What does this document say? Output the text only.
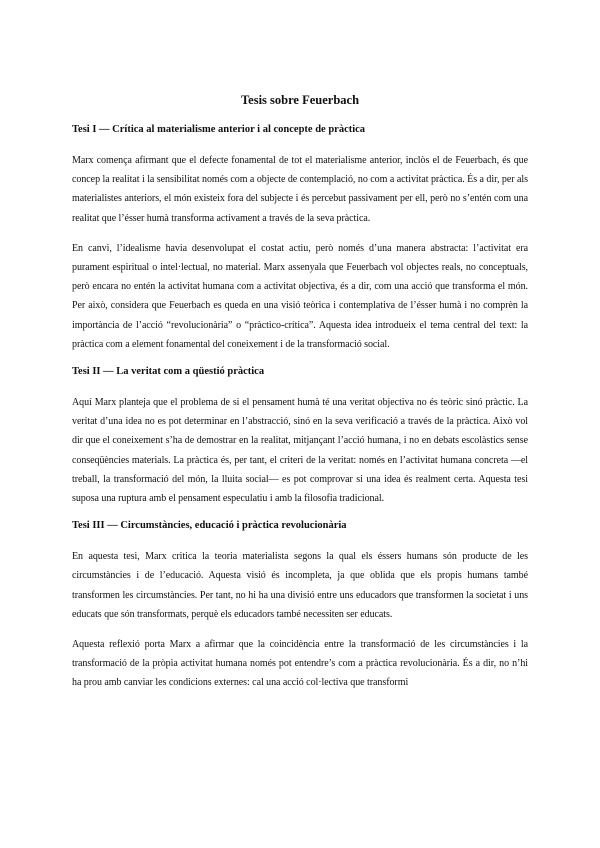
Tesis sobre Feuerbach
Tesi I — Crítica al materialisme anterior i al concepte de pràctica

Marx comença afirmant que el defecte fonamental de tot el materialisme anterior, inclòs el de Feuerbach, és que concep la realitat i la sensibilitat només com a objecte de contemplació, no com a activitat pràctica. És a dir, per als materialistes anteriors, el món existeix fora del subjecte i és percebut passivament per ell, però no s’entén com una realitat que l’ésser humà transforma activament a través de la seva pràctica.

En canvi, l’idealisme havia desenvolupat el costat actiu, però només d’una manera abstracta: l’activitat era purament espiritual o intel·lectual, no material. Marx assenyala que Feuerbach vol objectes reals, no conceptuals, però encara no entén la activitat humana com a activitat objectiva, és a dir, com una acció que transforma el món. Per això, considera que Feuerbach es queda en una visió teòrica i contemplativa de l’ésser humà i no comprèn la importància de l’acció “revolucionària” o “pràctico-crítica”. Aquesta idea introdueix el tema central del text: la pràctica com a element fonamental del coneixement i de la transformació social.

Tesi II — La veritat com a qüestió pràctica

Aquí Marx planteja que el problema de si el pensament humà té una veritat objectiva no és teòric sinó pràctic. La veritat d’una idea no es pot determinar en l’abstracció, sinó en la seva verificació a través de la pràctica. Això vol dir que el coneixement s’ha de demostrar en la realitat, mitjançant l’acció humana, i no en debats escolàstics sense conseqüències materials. La pràctica és, per tant, el criteri de la veritat: només en l’activitat humana concreta —el treball, la transformació del món, la lluita social— es pot comprovar si una idea és realment certa. Aquesta tesi suposa una ruptura amb el pensament especulatiu i amb la filosofia tradicional.

Tesi III — Circumstàncies, educació i pràctica revolucionària

En aquesta tesi, Marx critica la teoria materialista segons la qual els éssers humans són producte de les circumstàncies i de l’educació. Aquesta visió és incompleta, ja que oblida que els propis humans també transformen les circumstàncies. Per tant, no hi ha una divisió entre uns educadors que transformen la societat i uns educats que són transformats, perquè els educadors també necessiten ser educats.

Aquesta reflexió porta Marx a afirmar que la coincidència entre la transformació de les circumstàncies i la transformació de la pròpia activitat humana només pot entendre’s com a pràctica revolucionària. És a dir, no n’hi ha prou amb canviar les condicions externes: cal una acció col·lectiva que transformi
